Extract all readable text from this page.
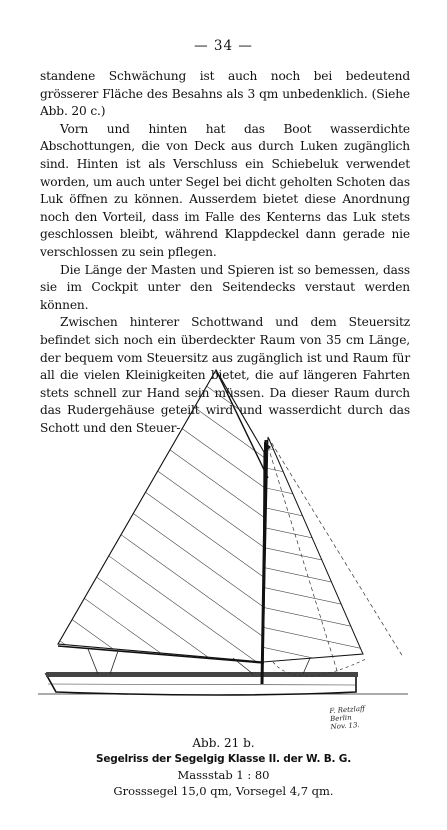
— 34 —

standene Schwächung ist auch noch bei bedeutend grösserer Fläche des Besahns als 3 qm unbedenklich. (Siehe Abb. 20 c.)

Vorn und hinten hat das Boot wasserdichte Abschottungen, die von Deck aus durch Luken zugänglich sind. Hinten ist als Verschluss ein Schiebeluk verwendet worden, um auch unter Segel bei dicht geholten Schoten das Luk öffnen zu können. Ausserdem bietet diese Anordnung noch den Vorteil, dass im Falle des Kenterns das Luk stets geschlossen bleibt, während Klappdeckel dann gerade nie verschlossen zu sein pflegen.

Die Länge der Masten und Spieren ist so bemessen, dass sie im Cockpit unter den Seitendecks verstaut werden können.

Zwischen hinterer Schottwand und dem Steuersitz befindet sich noch ein überdeckter Raum von 35 cm Länge, der bequem vom Steuersitz aus zugänglich ist und Raum für all die vielen Kleinigkeiten bietet, die auf längeren Fahrten stets schnell zur Hand sein müssen. Da dieser Raum durch das Rudergehäuse geteilt wird und wasserdicht durch das Schott und den Steuer-

F. Retzlaff
Berlin
Nov. 13.
Abb. 21 b.
Segelriss der Segelgig Klasse II. der W. B. G.
Massstab 1 : 80
Grosssegel 15,0 qm, Vorsegel 4,7 qm.
